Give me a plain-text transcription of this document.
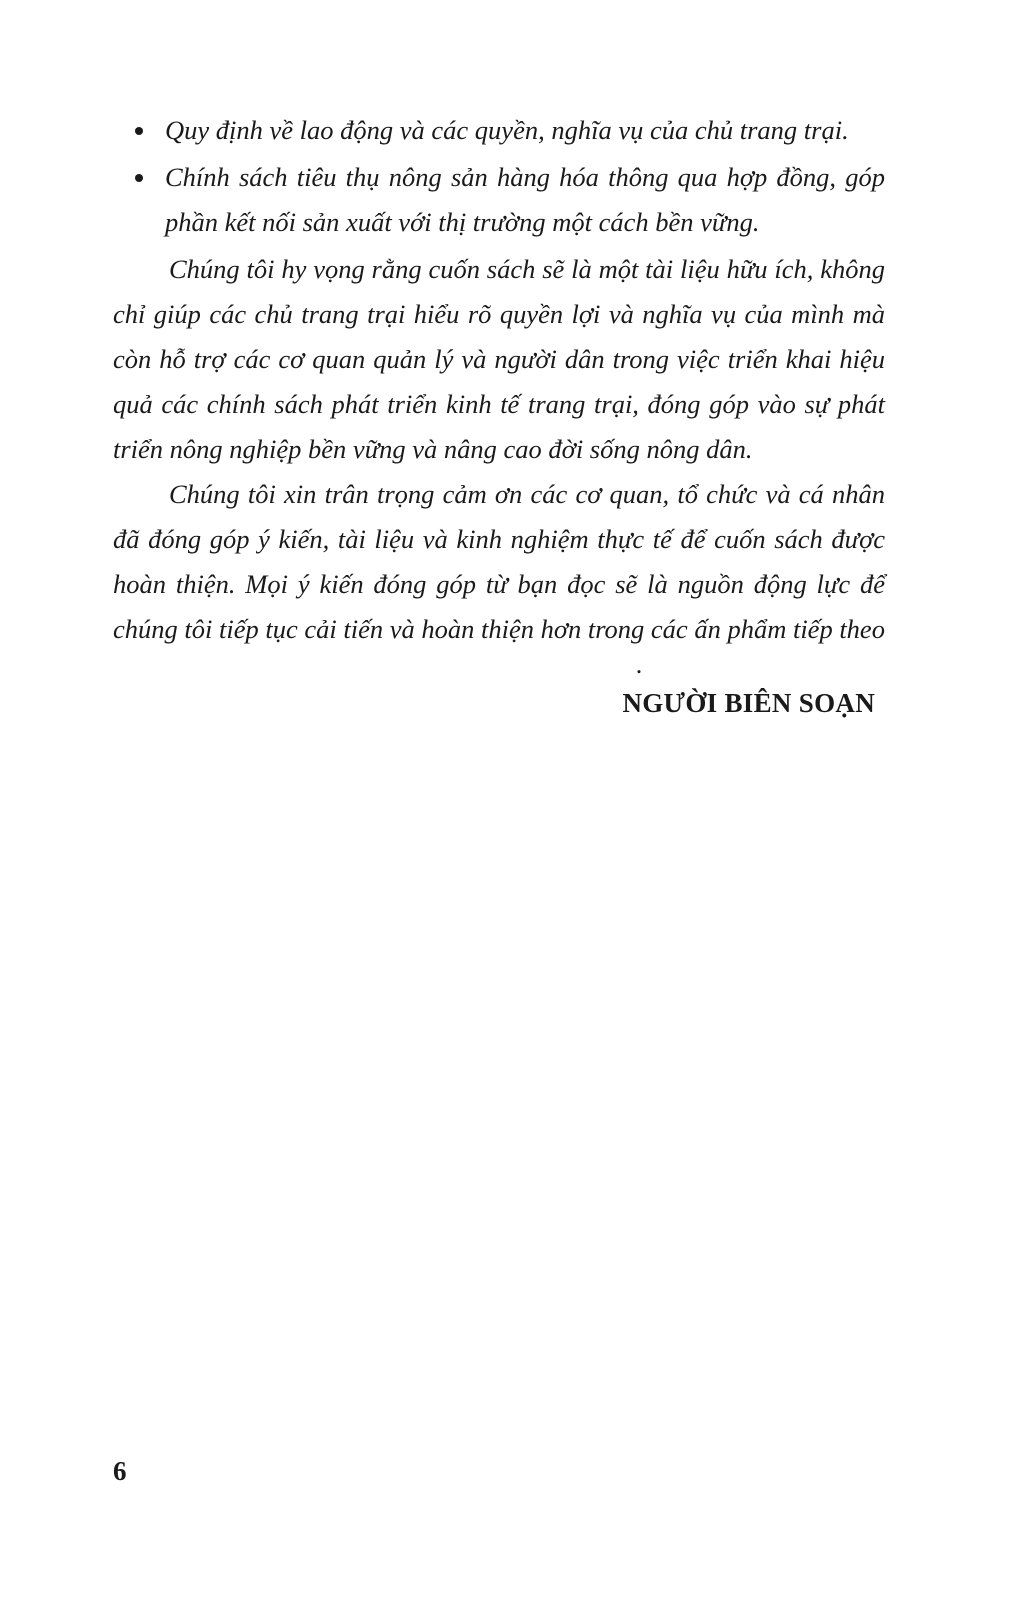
Quy định về lao động và các quyền, nghĩa vụ của chủ trang trại.
Chính sách tiêu thụ nông sản hàng hóa thông qua hợp đồng, góp phần kết nối sản xuất với thị trường một cách bền vững.

Chúng tôi hy vọng rằng cuốn sách sẽ là một tài liệu hữu ích, không chỉ giúp các chủ trang trại hiểu rõ quyền lợi và nghĩa vụ của mình mà còn hỗ trợ các cơ quan quản lý và người dân trong việc triển khai hiệu quả các chính sách phát triển kinh tế trang trại, đóng góp vào sự phát triển nông nghiệp bền vững và nâng cao đời sống nông dân.

Chúng tôi xin trân trọng cảm ơn các cơ quan, tổ chức và cá nhân đã đóng góp ý kiến, tài liệu và kinh nghiệm thực tế để cuốn sách được hoàn thiện. Mọi ý kiến đóng góp từ bạn đọc sẽ là nguồn động lực để chúng tôi tiếp tục cải tiến và hoàn thiện hơn trong các ấn phẩm tiếp theo

.
NGƯỜI BIÊN SOẠN
6
